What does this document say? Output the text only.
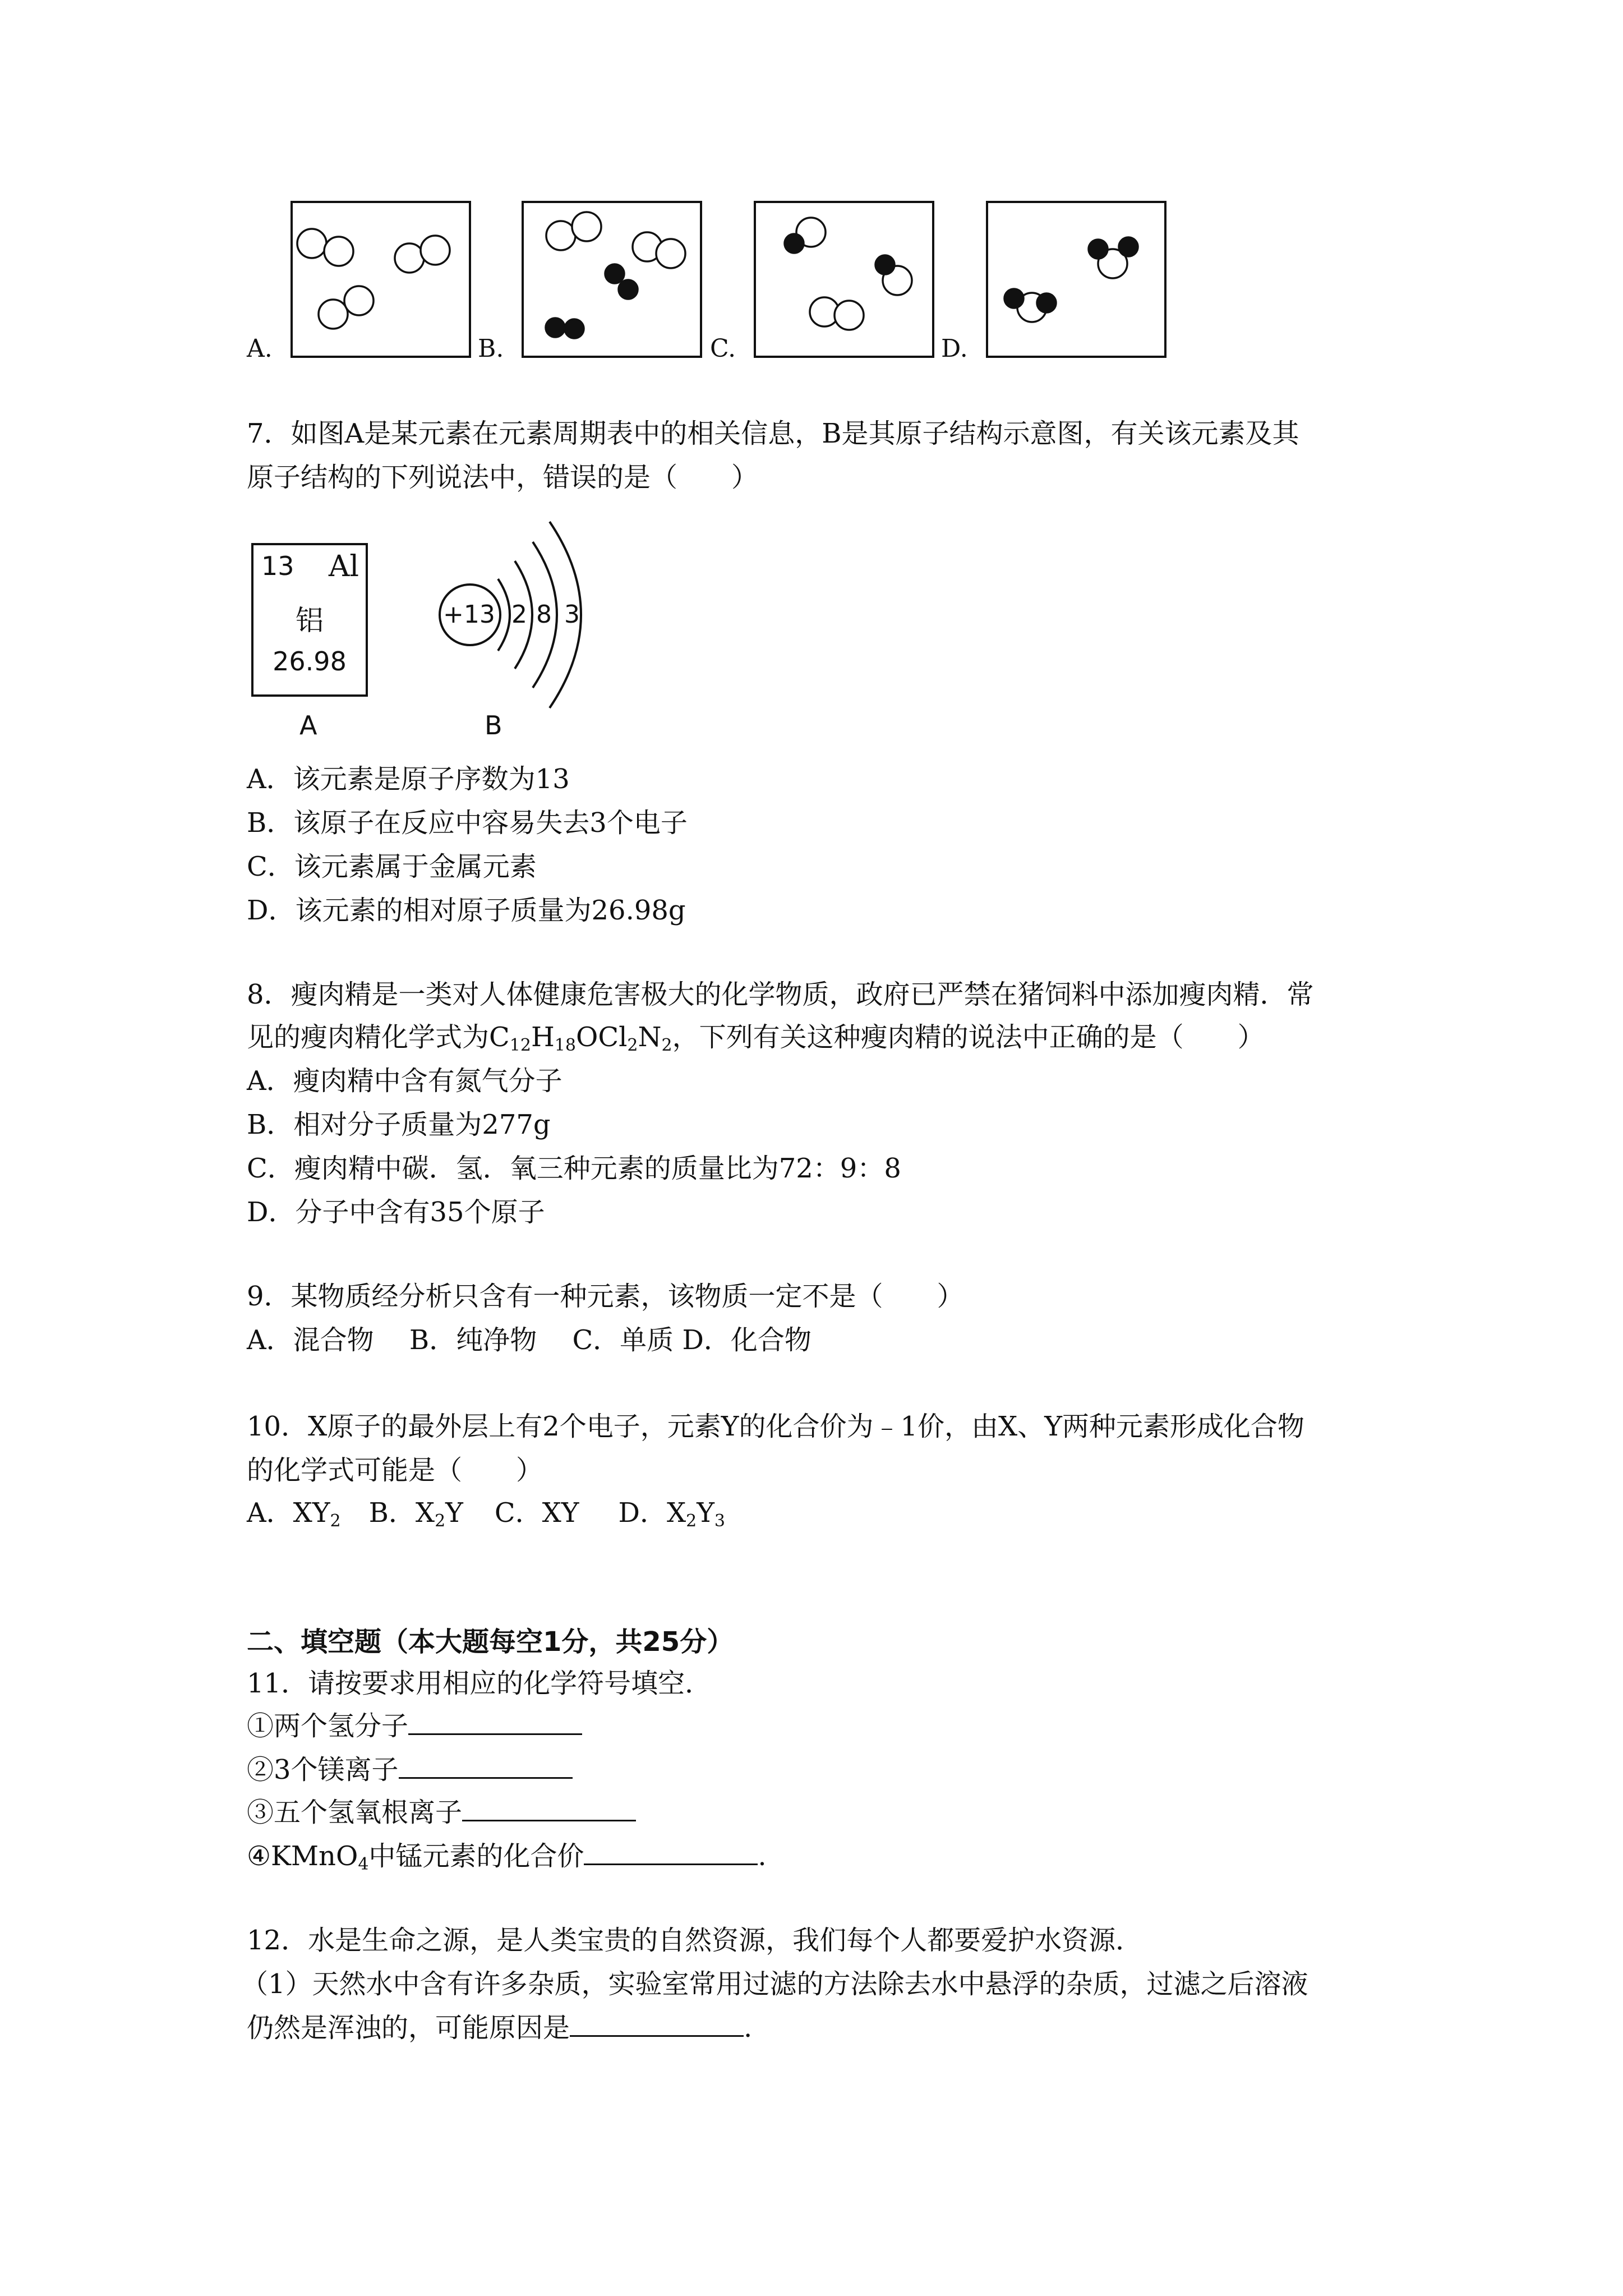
A.	B.	C.	D.
7．如图A是某元素在元素周期表中的相关信息，B是其原子结构示意图，有关该元素及其
原子结构的下列说法中，错误的是（　　）
13 Al
铝
26.98
A
+13 2 8 3
B
A．该元素是原子序数为13
B．该原子在反应中容易失去3个电子
C．该元素属于金属元素
D．该元素的相对原子质量为26.98g
8．瘦肉精是一类对人体健康危害极大的化学物质，政府已严禁在猪饲料中添加瘦肉精．常
见的瘦肉精化学式为$C_{12}H_{18}OCl_2N_2$，下列有关这种瘦肉精的说法中正确的是（　　）
A．瘦肉精中含有氮气分子
B．相对分子质量为277g
C．瘦肉精中碳．氢．氧三种元素的质量比为72：9：8
D．分子中含有35个原子
9．某物质经分析只含有一种元素，该物质一定不是（　　）
A．混合物　 B．纯净物　 C．单质 D．化合物
10．X原子的最外层上有2个电子，元素Y的化合价为﹣1价，由X、Y两种元素形成化合物
的化学式可能是（　　）
A．$XY_2$ B．$X_2Y$ C．XY D．$X_2Y_3$
二、填空题（本大题每空1分，共25分）
11．请按要求用相应的化学符号填空．
①两个氢分子
②3个镁离子
③五个氢氧根离子
④KMnO$_4$中锰元素的化合价	.
12．水是生命之源，是人类宝贵的自然资源，我们每个人都要爱护水资源．
（1）天然水中含有许多杂质，实验室常用过滤的方法除去水中悬浮的杂质，过滤之后溶液
仍然是浑浊的，可能原因是	.
